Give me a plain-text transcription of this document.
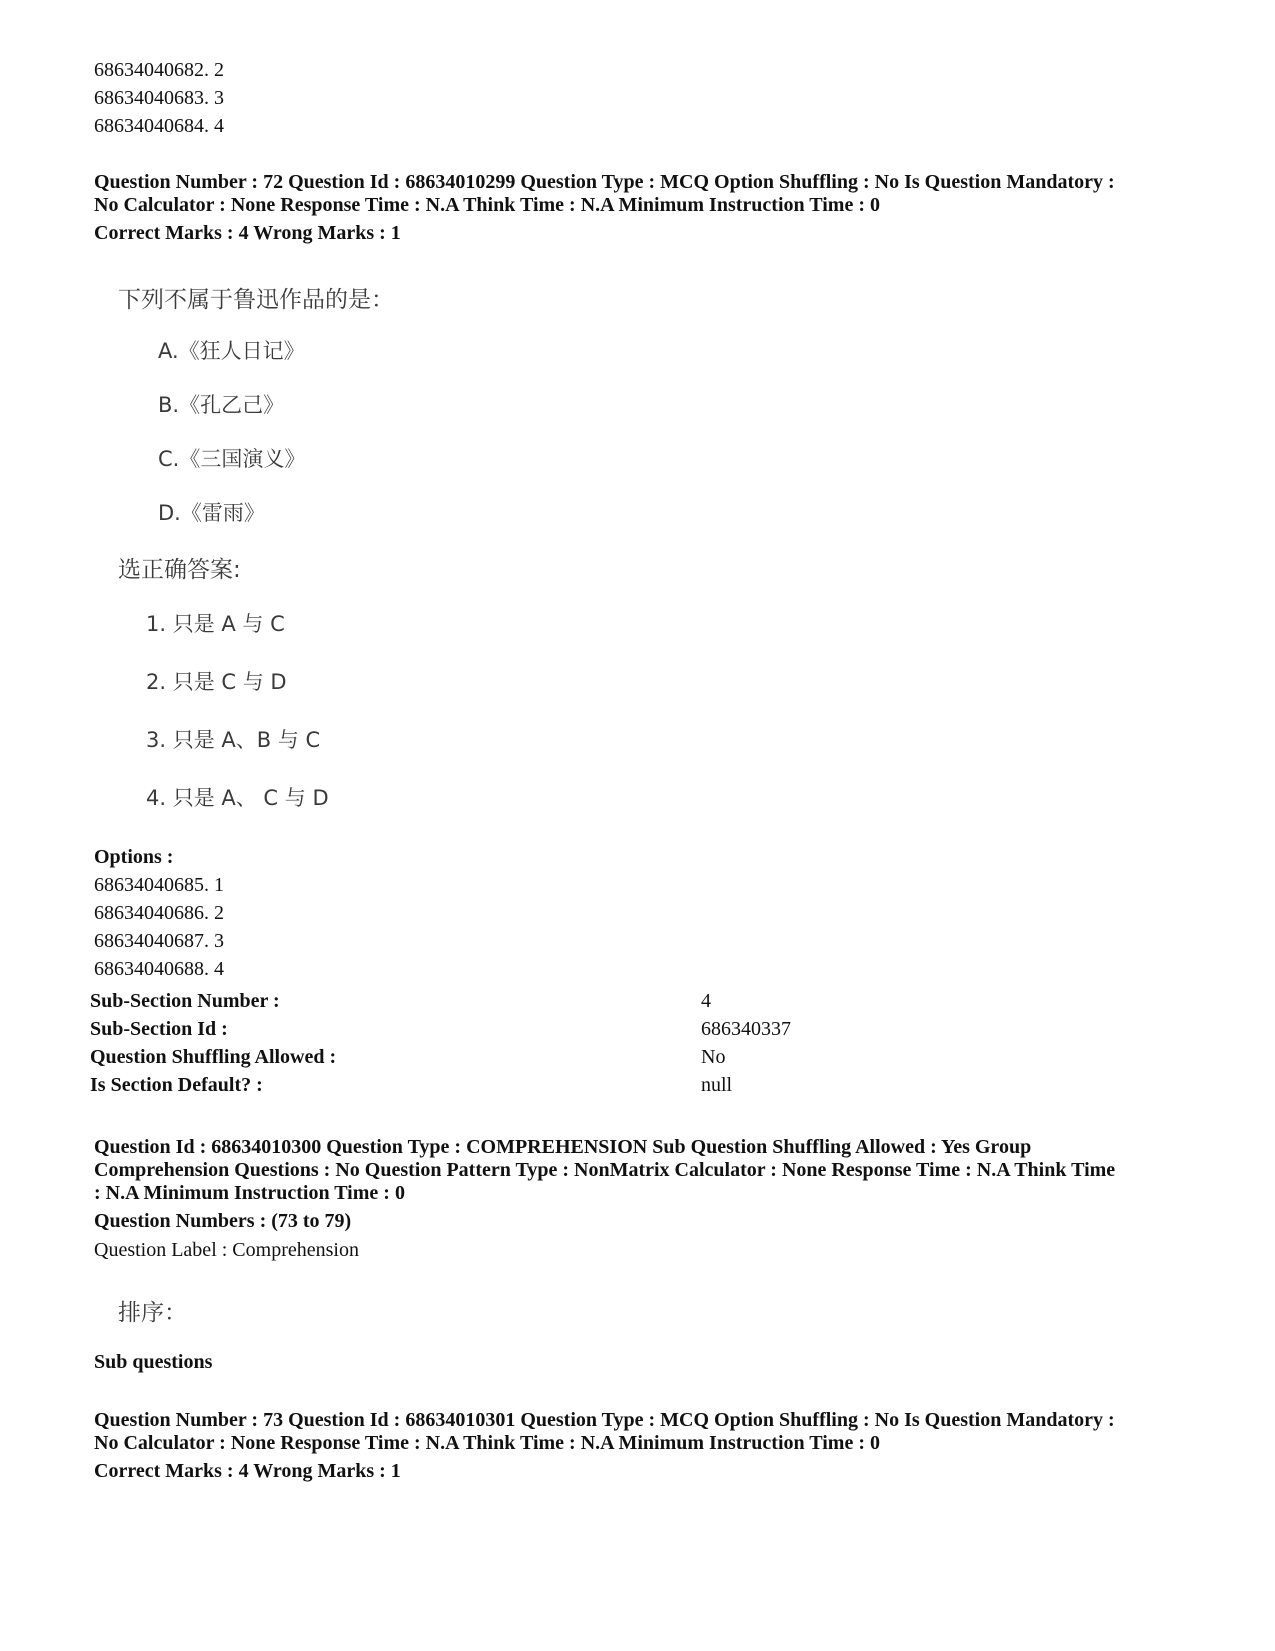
68634040682. 2
68634040683. 3
68634040684. 4
Question Number : 72 Question Id : 68634010299 Question Type : MCQ Option Shuffling : No Is Question Mandatory :
No Calculator : None Response Time : N.A Think Time : N.A Minimum Instruction Time : 0
Correct Marks : 4 Wrong Marks : 1
下列不属于鲁迅作品的是：
A.《狂人日记》
B.《孔乙己》
C.《三国演义》
D.《雷雨》
选正确答案:
1. 只是 A 与 C
2. 只是 C 与 D
3. 只是 A、B 与 C
4. 只是 A、 C 与 D
Options :
68634040685. 1
68634040686. 2
68634040687. 3
68634040688. 4
Sub-Section Number :	4
Sub-Section Id :	686340337
Question Shuffling Allowed :	No
Is Section Default? :	null
Question Id : 68634010300 Question Type : COMPREHENSION Sub Question Shuffling Allowed : Yes Group
Comprehension Questions : No Question Pattern Type : NonMatrix Calculator : None Response Time : N.A Think Time
: N.A Minimum Instruction Time : 0
Question Numbers : (73 to 79)
Question Label : Comprehension
排序：
Sub questions
Question Number : 73 Question Id : 68634010301 Question Type : MCQ Option Shuffling : No Is Question Mandatory :
No Calculator : None Response Time : N.A Think Time : N.A Minimum Instruction Time : 0
Correct Marks : 4 Wrong Marks : 1
